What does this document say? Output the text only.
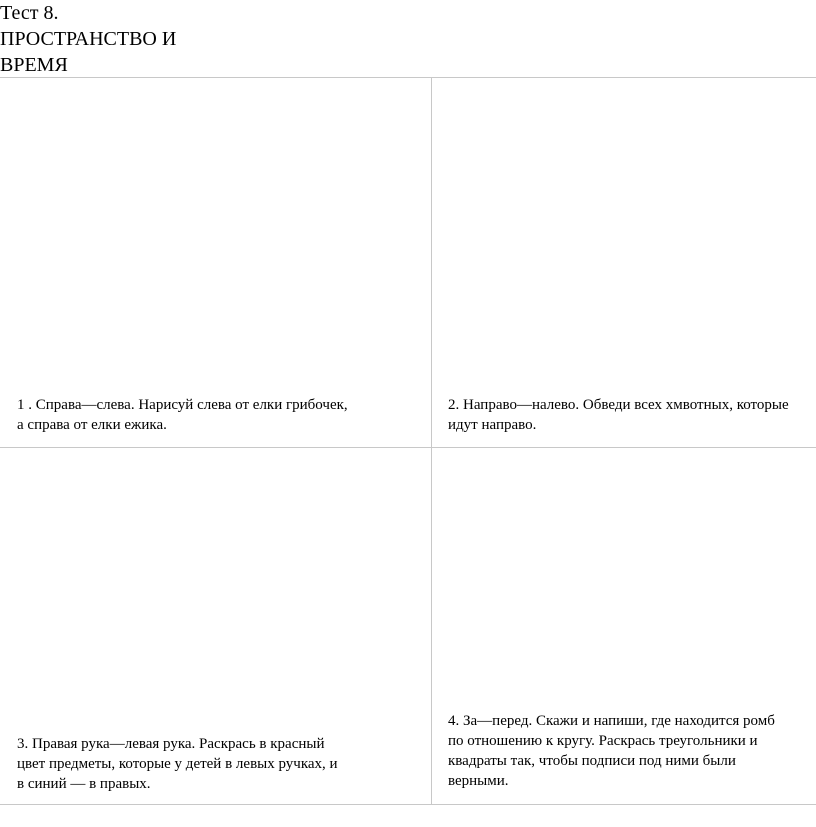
Тест 8.
ПРОСТРАНСТВО И
ВРЕМЯ
1 . Справа—слева. Нарисуй слева от елки грибочек,
а справа от елки ежика.
2. Направо—налево. Обведи всех хмвотных, которые
идут направо.
3. Правая рука—левая рука. Раскрась в красный
цвет предметы, которые у детей в левых ручках, и
в синий — в правых.
4. За—перед. Скажи и напиши, где находится ромб
по отношению к кругу. Раскрась треугольники и
квадраты так, чтобы подписи под ними были
верными.
